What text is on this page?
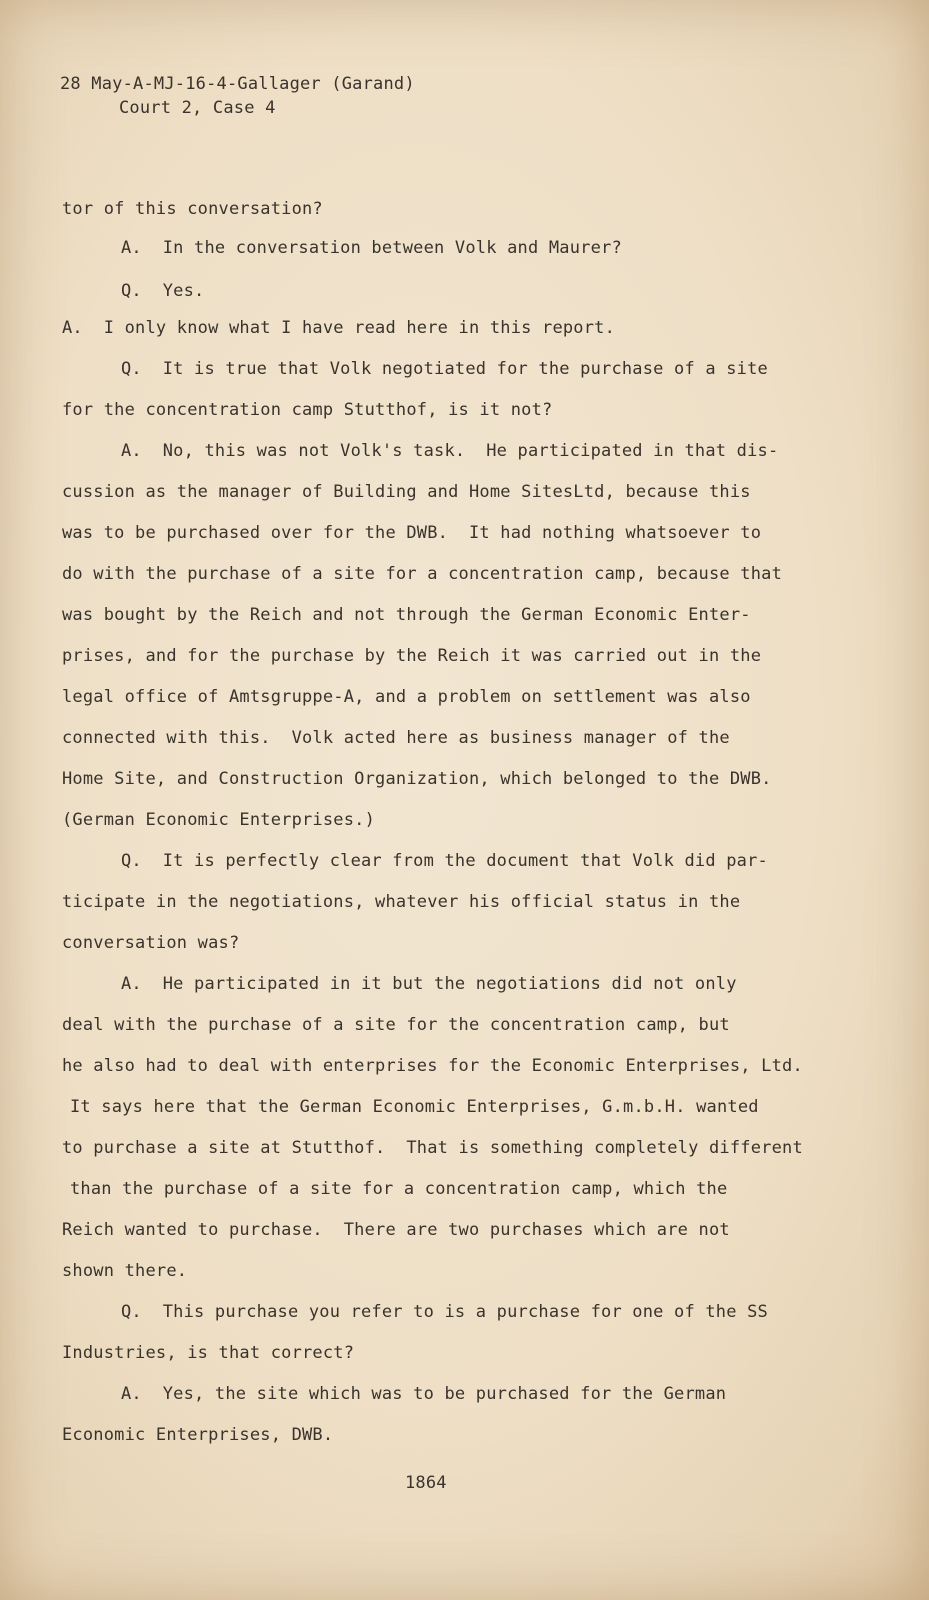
28 May-A-MJ-16-4-Gallager (Garand)
Court 2, Case 4
tor of this conversation?
A.  In the conversation between Volk and Maurer?
Q.  Yes.
A.  I only know what I have read here in this report.
Q.  It is true that Volk negotiated for the purchase of a site
for the concentration camp Stutthof, is it not?
A.  No, this was not Volk's task.  He participated in that dis-
cussion as the manager of Building and Home SitesLtd, because this
was to be purchased over for the DWB.  It had nothing whatsoever to
do with the purchase of a site for a concentration camp, because that
was bought by the Reich and not through the German Economic Enter-
prises, and for the purchase by the Reich it was carried out in the
legal office of Amtsgruppe-A, and a problem on settlement was also
connected with this.  Volk acted here as business manager of the
Home Site, and Construction Organization, which belonged to the DWB.
(German Economic Enterprises.)
Q.  It is perfectly clear from the document that Volk did par-
ticipate in the negotiations, whatever his official status in the
conversation was?
A.  He participated in it but the negotiations did not only
deal with the purchase of a site for the concentration camp, but
he also had to deal with enterprises for the Economic Enterprises, Ltd.
It says here that the German Economic Enterprises, G.m.b.H. wanted
to purchase a site at Stutthof.  That is something completely different
than the purchase of a site for a concentration camp, which the
Reich wanted to purchase.  There are two purchases which are not
shown there.
Q.  This purchase you refer to is a purchase for one of the SS
Industries, is that correct?
A.  Yes, the site which was to be purchased for the German
Economic Enterprises, DWB.
1864
